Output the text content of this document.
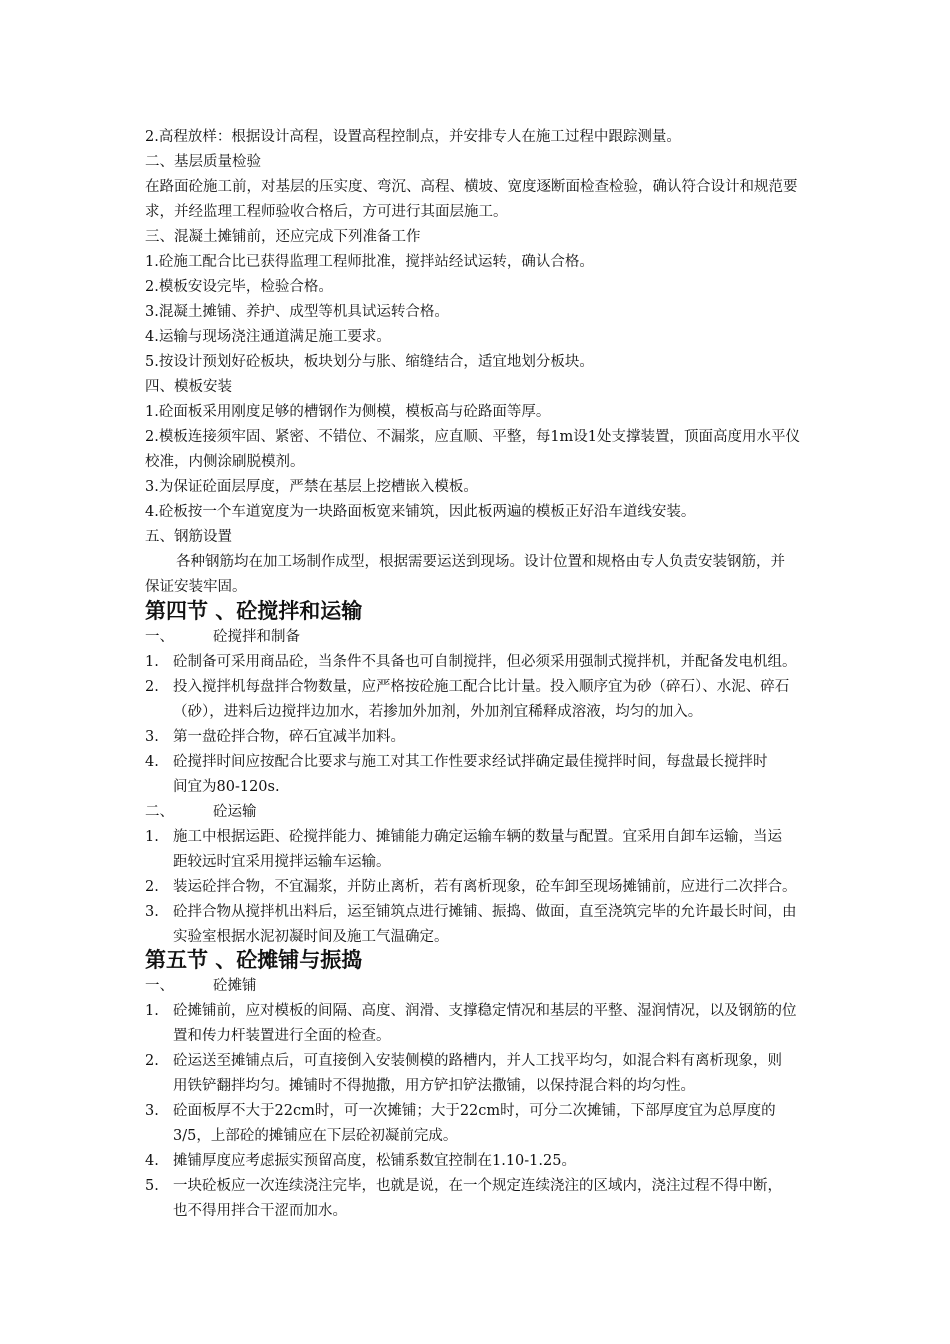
2.高程放样：根据设计高程，设置高程控制点，并安排专人在施工过程中跟踪测量。
二、基层质量检验
在路面砼施工前，对基层的压实度、弯沉、高程、横坡、宽度逐断面检查检验，确认符合设计和规范要
求，并经监理工程师验收合格后，方可进行其面层施工。
三、混凝土摊铺前，还应完成下列准备工作
1.砼施工配合比已获得监理工程师批准，搅拌站经试运转，确认合格。
2.模板安设完毕，检验合格。
3.混凝土摊铺、养护、成型等机具试运转合格。
4.运输与现场浇注通道满足施工要求。
5.按设计预划好砼板块，板块划分与胀、缩缝结合，适宜地划分板块。
四、模板安装
1.砼面板采用刚度足够的槽钢作为侧模，模板高与砼路面等厚。
2.模板连接须牢固、紧密、不错位、不漏浆，应直顺、平整，每1m设1处支撑装置，顶面高度用水平仪
校准，内侧涂刷脱模剂。
3.为保证砼面层厚度，严禁在基层上挖槽嵌入模板。
4.砼板按一个车道宽度为一块路面板宽来铺筑，因此板两遍的模板正好沿车道线安装。
五、钢筋设置
各种钢筋均在加工场制作成型，根据需要运送到现场。设计位置和规格由专人负责安装钢筋，并
保证安装牢固。
第四节 、砼搅拌和运输
一、	砼搅拌和制备
1. 砼制备可采用商品砼，当条件不具备也可自制搅拌，但必须采用强制式搅拌机，并配备发电机组。
2. 投入搅拌机每盘拌合物数量，应严格按砼施工配合比计量。投入顺序宜为砂（碎石）、水泥、碎石
（砂），进料后边搅拌边加水，若掺加外加剂，外加剂宜稀释成溶液，均匀的加入。
3. 第一盘砼拌合物，碎石宜减半加料。
4. 砼搅拌时间应按配合比要求与施工对其工作性要求经试拌确定最佳搅拌时间，每盘最长搅拌时
间宜为80-120s.
二、	砼运输
1. 施工中根据运距、砼搅拌能力、摊铺能力确定运输车辆的数量与配置。宜采用自卸车运输，当运
距较远时宜采用搅拌运输车运输。
2. 装运砼拌合物，不宜漏浆，并防止离析，若有离析现象，砼车卸至现场摊铺前，应进行二次拌合。
3. 砼拌合物从搅拌机出料后，运至铺筑点进行摊铺、振捣、做面，直至浇筑完毕的允许最长时间，由
实验室根据水泥初凝时间及施工气温确定。
第五节 、砼摊铺与振捣
一、	砼摊铺
1. 砼摊铺前，应对模板的间隔、高度、润滑、支撑稳定情况和基层的平整、湿润情况，以及钢筋的位
置和传力杆装置进行全面的检查。
2. 砼运送至摊铺点后，可直接倒入安装侧模的路槽内，并人工找平均匀，如混合料有离析现象，则
用铁铲翻拌均匀。摊铺时不得抛撒，用方铲扣铲法撒铺，以保持混合料的均匀性。
3. 砼面板厚不大于22cm时，可一次摊铺；大于22cm时，可分二次摊铺，下部厚度宜为总厚度的
3/5，上部砼的摊铺应在下层砼初凝前完成。
4. 摊铺厚度应考虑振实预留高度，松铺系数宜控制在1.10-1.25。
5. 一块砼板应一次连续浇注完毕，也就是说，在一个规定连续浇注的区域内，浇注过程不得中断，
也不得用拌合干涩而加水。
